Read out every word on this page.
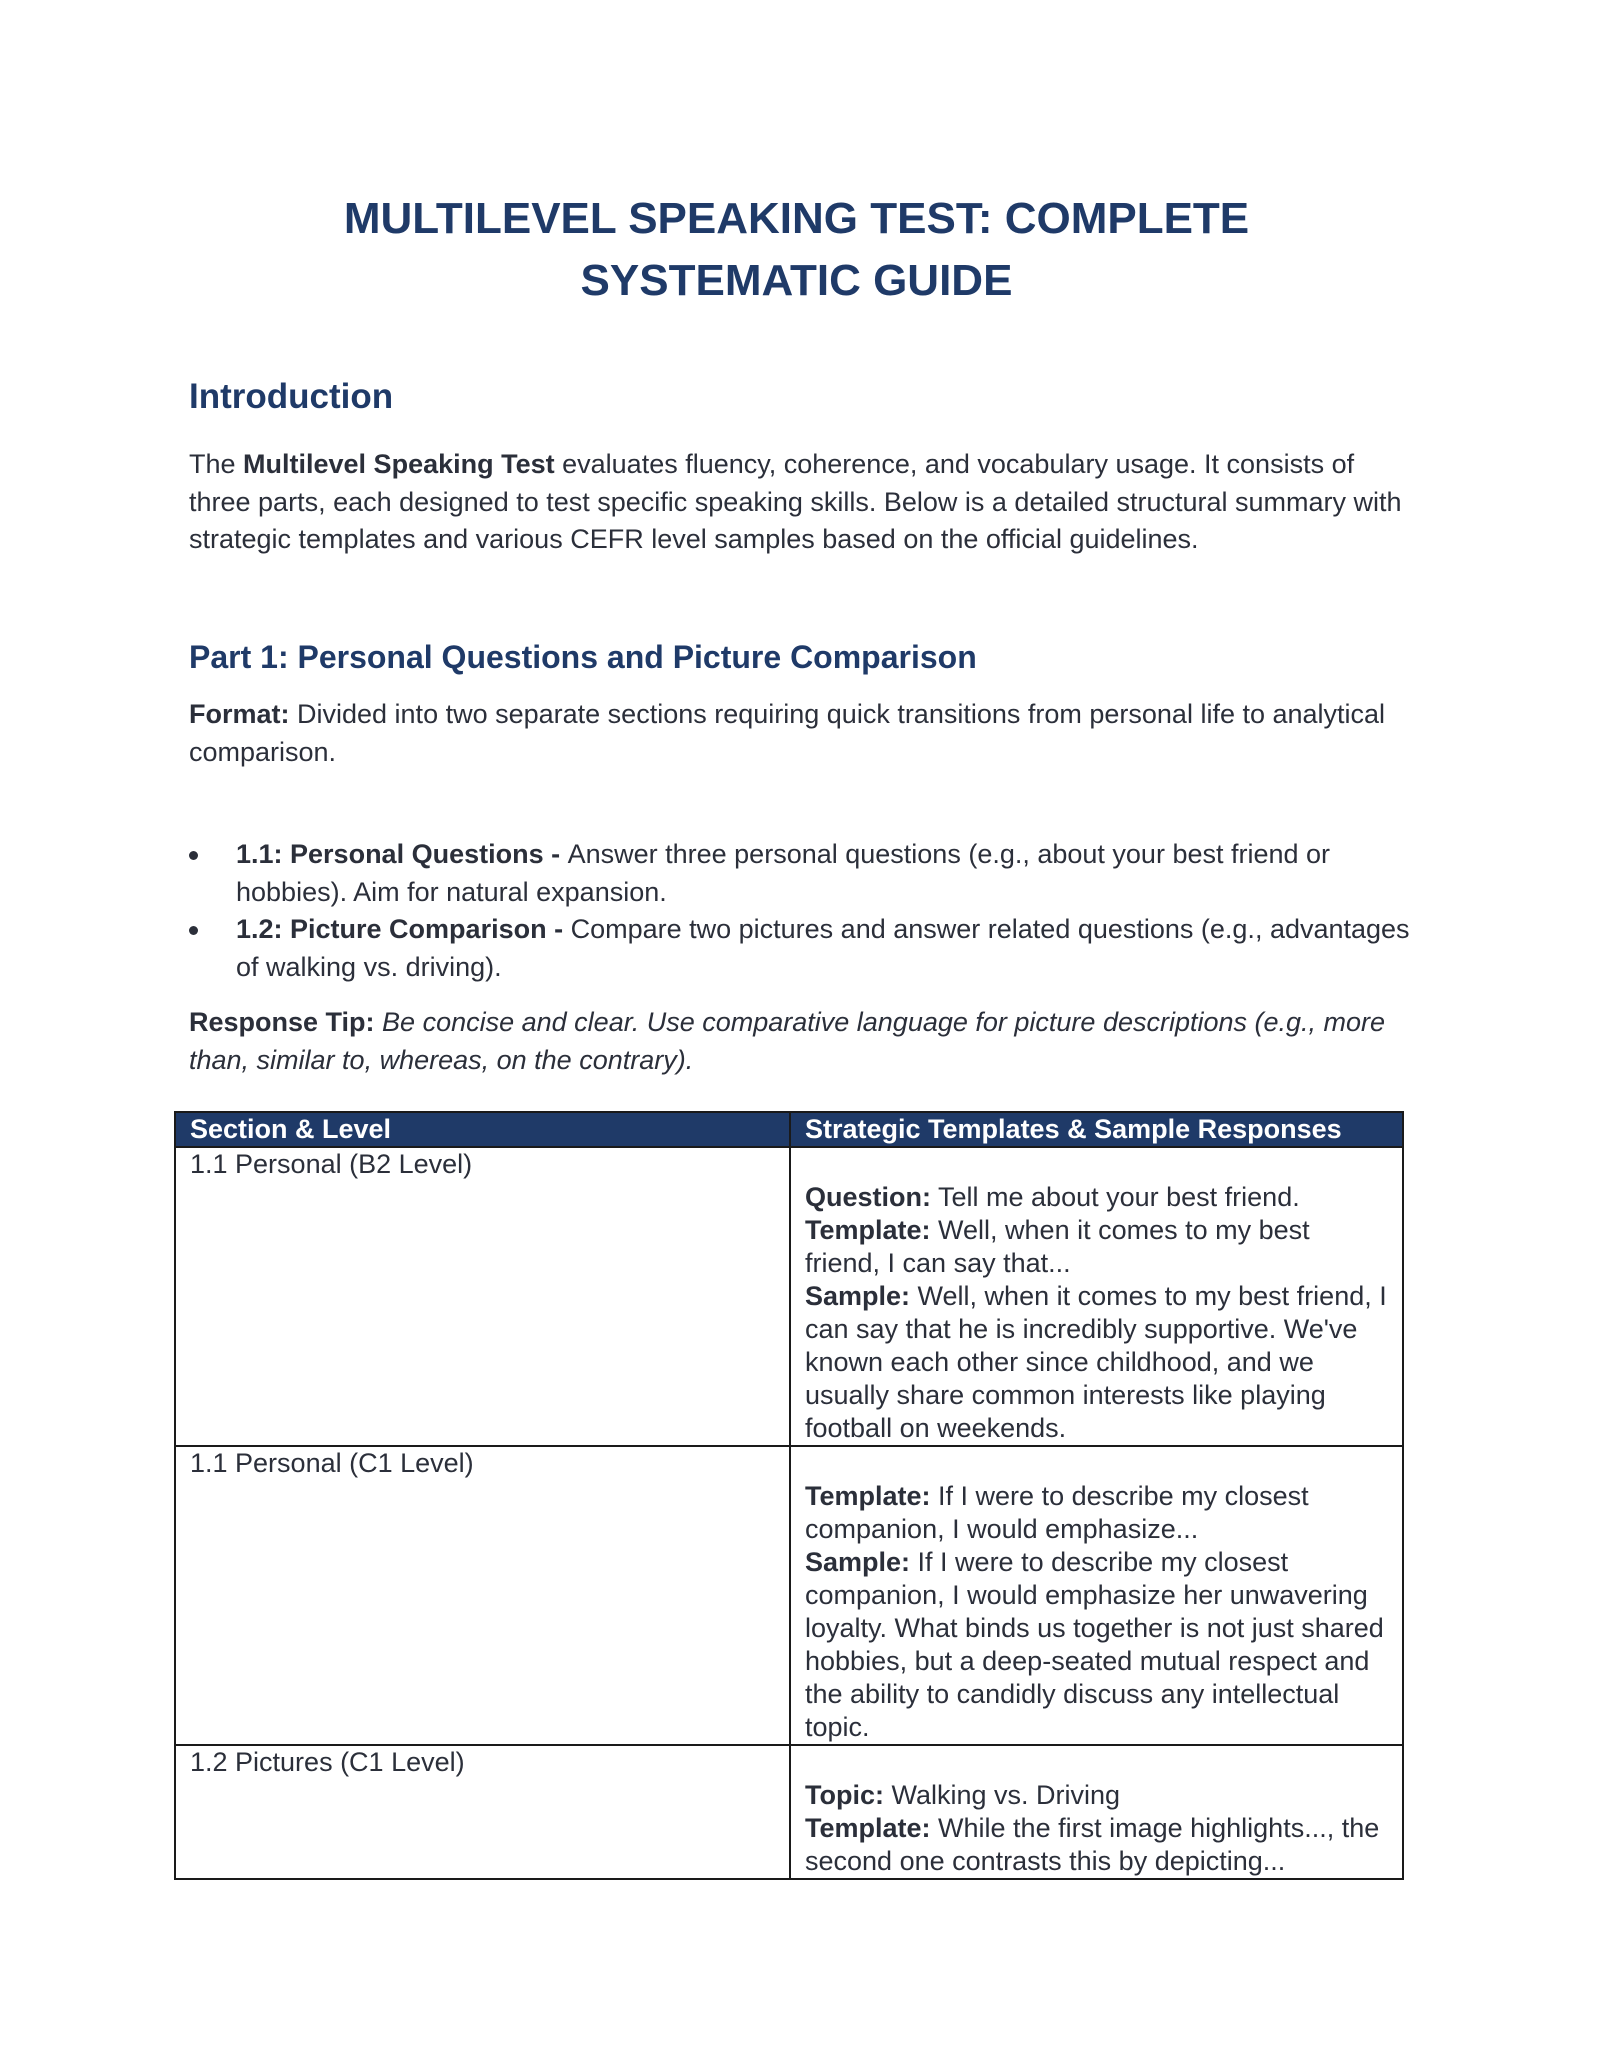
MULTILEVEL SPEAKING TEST: COMPLETE
SYSTEMATIC GUIDE
Introduction

The Multilevel Speaking Test evaluates fluency, coherence, and vocabulary usage. It consists of three parts, each designed to test specific speaking skills. Below is a detailed structural summary with strategic templates and various CEFR level samples based on the official guidelines.

Part 1: Personal Questions and Picture Comparison

Format: Divided into two separate sections requiring quick transitions from personal life to analytical comparison.

1.1: Personal Questions - Answer three personal questions (e.g., about your best friend or hobbies). Aim for natural expansion.
1.2: Picture Comparison - Compare two pictures and answer related questions (e.g., advantages of walking vs. driving).

Response Tip: Be concise and clear. Use comparative language for picture descriptions (e.g., more than, similar to, whereas, on the contrary).

Section & Level	Strategic Templates & Sample Responses
1.1 Personal (B2 Level)	Question: Tell me about your best friend.
Template: Well, when it comes to my best friend, I can say that...
Sample: Well, when it comes to my best friend, I can say that he is incredibly supportive. We've known each other since childhood, and we usually share common interests like playing football on weekends.

1.1 Personal (C1 Level)	Template: If I were to describe my closest companion, I would emphasize...
Sample: If I were to describe my closest companion, I would emphasize her unwavering loyalty. What binds us together is not just shared hobbies, but a deep-seated mutual respect and the ability to candidly discuss any intellectual topic.

1.2 Pictures (C1 Level)	Topic: Walking vs. Driving
Template: While the first image highlights..., the second one contrasts this by depicting...
